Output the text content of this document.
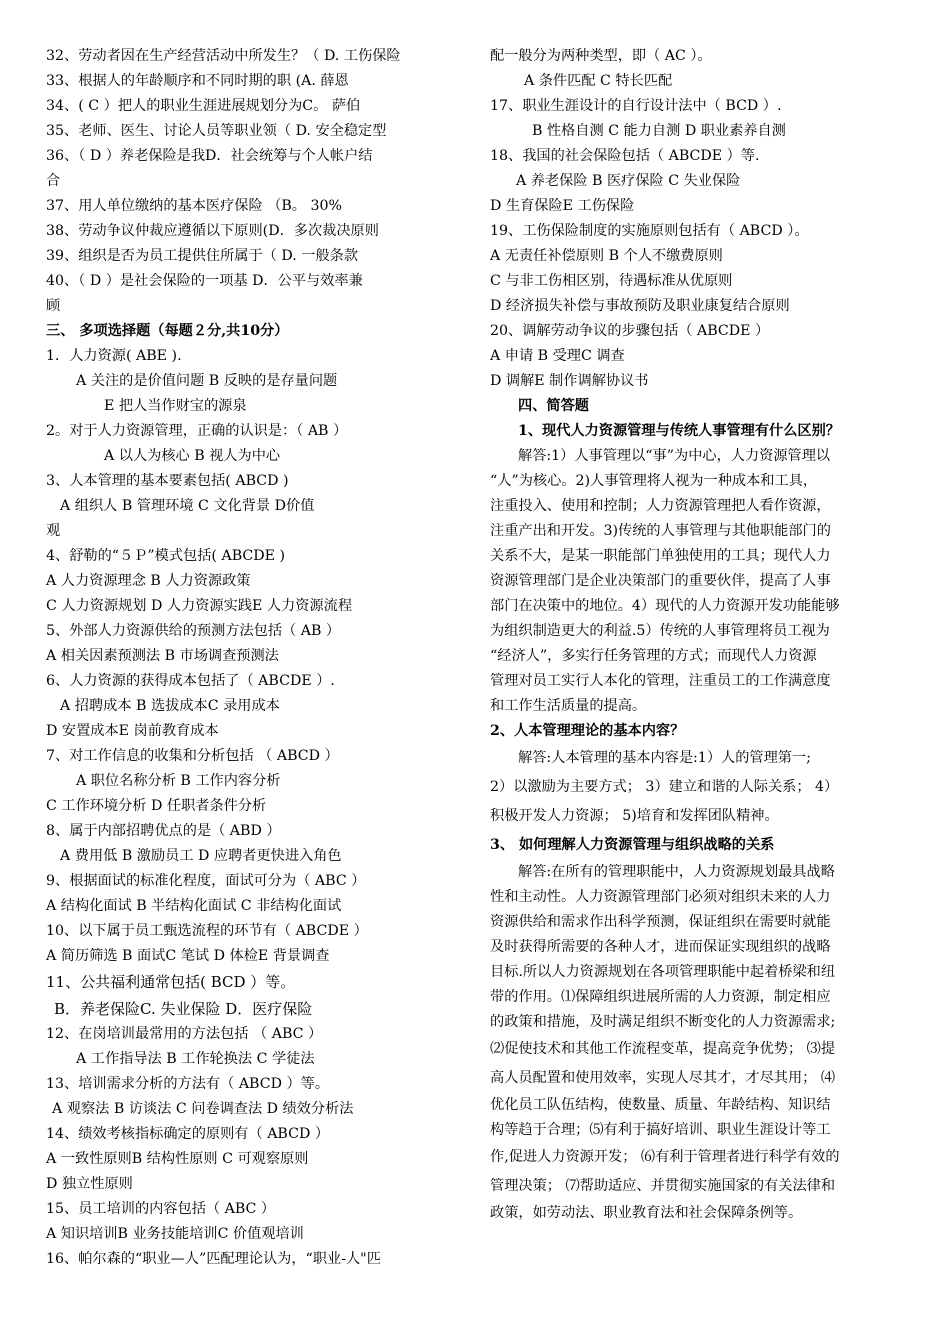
32、劳动者因在生产经营活动中所发生？（ D. 工伤保险
33、根据人的年龄顺序和不同时期的职 (A. 薛恩
34、( C ）把人的职业生涯进展规划分为C。 萨伯
35、老师、医生、讨论人员等职业领（ D. 安全稳定型
36、（ D ）养老保险是我D．社会统筹与个人帐户结
合
37、用人单位缴纳的基本医疗保险 （B。 30%
38、劳动争议仲裁应遵循以下原则(D．多次裁决原则
39、组织是否为员工提供住所属于（ D. 一般条款
40、（ D ）是社会保险的一项基 D．公平与效率兼
顾
三、 多项选择题（每题２分,共10分）
1．人力资源( ABE ).
A 关注的是价值问题 B 反映的是存量问题
E 把人当作财宝的源泉
2。对于人力资源管理，正确的认识是：（ AB ）
A 以人为核心 B 视人为中心
3、人本管理的基本要素包括( ABCD )
A 组织人 B 管理环境 C 文化背景 D价值
观
4、舒勒的“５Ｐ”模式包括( ABCDE )
A 人力资源理念 B 人力资源政策
C 人力资源规划 D 人力资源实践E 人力资源流程
5、外部人力资源供给的预测方法包括（ AB ）
A 相关因素预测法 B 市场调查预测法
6、人力资源的获得成本包括了（ ABCDE ）.
A 招聘成本 B 选拔成本C 录用成本
D 安置成本E 岗前教育成本
7、对工作信息的收集和分析包括 （ ABCD ）
A 职位名称分析 B 工作内容分析
C 工作环境分析 D 任职者条件分析
8、属于内部招聘优点的是（ ABD ）
A 费用低 B 激励员工 D 应聘者更快进入角色
9、根据面试的标准化程度，面试可分为（ ABC ）
A 结构化面试 B 半结构化面试 C 非结构化面试
10、以下属于员工甄选流程的环节有（ ABCDE ）
A 简历筛选 B 面试C 笔试 D 体检E 背景调查
11、公共福利通常包括( BCD ）等。
B．养老保险C. 失业保险 D．医疗保险
12、在岗培训最常用的方法包括 （ ABC ）
A 工作指导法 B 工作轮换法 C 学徒法
13、培训需求分析的方法有（ ABCD ）等。
A 观察法 B 访谈法 C 问卷调查法 D 绩效分析法
14、绩效考核指标确定的原则有（ ABCD ）
A 一致性原则B 结构性原则 C 可观察原则
D 独立性原则
15、员工培训的内容包括（ ABC ）
A 知识培训B 业务技能培训C 价值观培训
16、帕尔森的“职业—人”匹配理论认为，“职业-人"匹
配一般分为两种类型，即（ AC ）。
A 条件匹配 C 特长匹配
17、职业生涯设计的自行设计法中（ BCD ）.
B 性格自测 C 能力自测 D 职业素养自测
18、我国的社会保险包括（ ABCDE ）等.
A 养老保险 B 医疗保险 C 失业保险
D 生育保险E 工伤保险
19、工伤保险制度的实施原则包括有（ ABCD ）。
A 无责任补偿原则 B 个人不缴费原则
C 与非工伤相区别，待遇标准从优原则
D 经济损失补偿与事故预防及职业康复结合原则
20、调解劳动争议的步骤包括（ ABCDE ）
A 申请 B 受理C 调查
D 调解E 制作调解协议书
四、简答题
1、现代人力资源管理与传统人事管理有什么区别？
解答:1）人事管理以“事”为中心，人力资源管理以
“人”为核心。2)人事管理将人视为一种成本和工具，
注重投入、使用和控制；人力资源管理把人看作资源，
注重产出和开发。3)传统的人事管理与其他职能部门的
关系不大，是某一职能部门单独使用的工具；现代人力
资源管理部门是企业决策部门的重要伙伴，提高了人事
部门在决策中的地位。4）现代的人力资源开发功能能够
为组织制造更大的利益.5）传统的人事管理将员工视为
“经济人”，多实行任务管理的方式；而现代人力资源
管理对员工实行人本化的管理，注重员工的工作满意度
和工作生活质量的提高。
2、人本管理理论的基本内容？
解答:人本管理的基本内容是:1）人的管理第一;
2）以激励为主要方式； 3）建立和谐的人际关系； 4）
积极开发人力资源； 5)培育和发挥团队精神。
3、 如何理解人力资源管理与组织战略的关系
解答:在所有的管理职能中，人力资源规划最具战略
性和主动性。人力资源管理部门必须对组织未来的人力
资源供给和需求作出科学预测，保证组织在需要时就能
及时获得所需要的各种人才，进而保证实现组织的战略
目标.所以人力资源规划在各项管理职能中起着桥梁和纽
带的作用。⑴保障组织进展所需的人力资源，制定相应
的政策和措施，及时满足组织不断变化的人力资源需求;
⑵促使技术和其他工作流程变革，提高竞争优势； ⑶提
高人员配置和使用效率，实现人尽其才，才尽其用； ⑷
优化员工队伍结构，使数量、质量、年龄结构、知识结
构等趋于合理；⑸有利于搞好培训、职业生涯设计等工
作,促进人力资源开发； ⑹有利于管理者进行科学有效的
管理决策； ⑺帮助适应、并贯彻实施国家的有关法律和
政策，如劳动法、职业教育法和社会保障条例等。
